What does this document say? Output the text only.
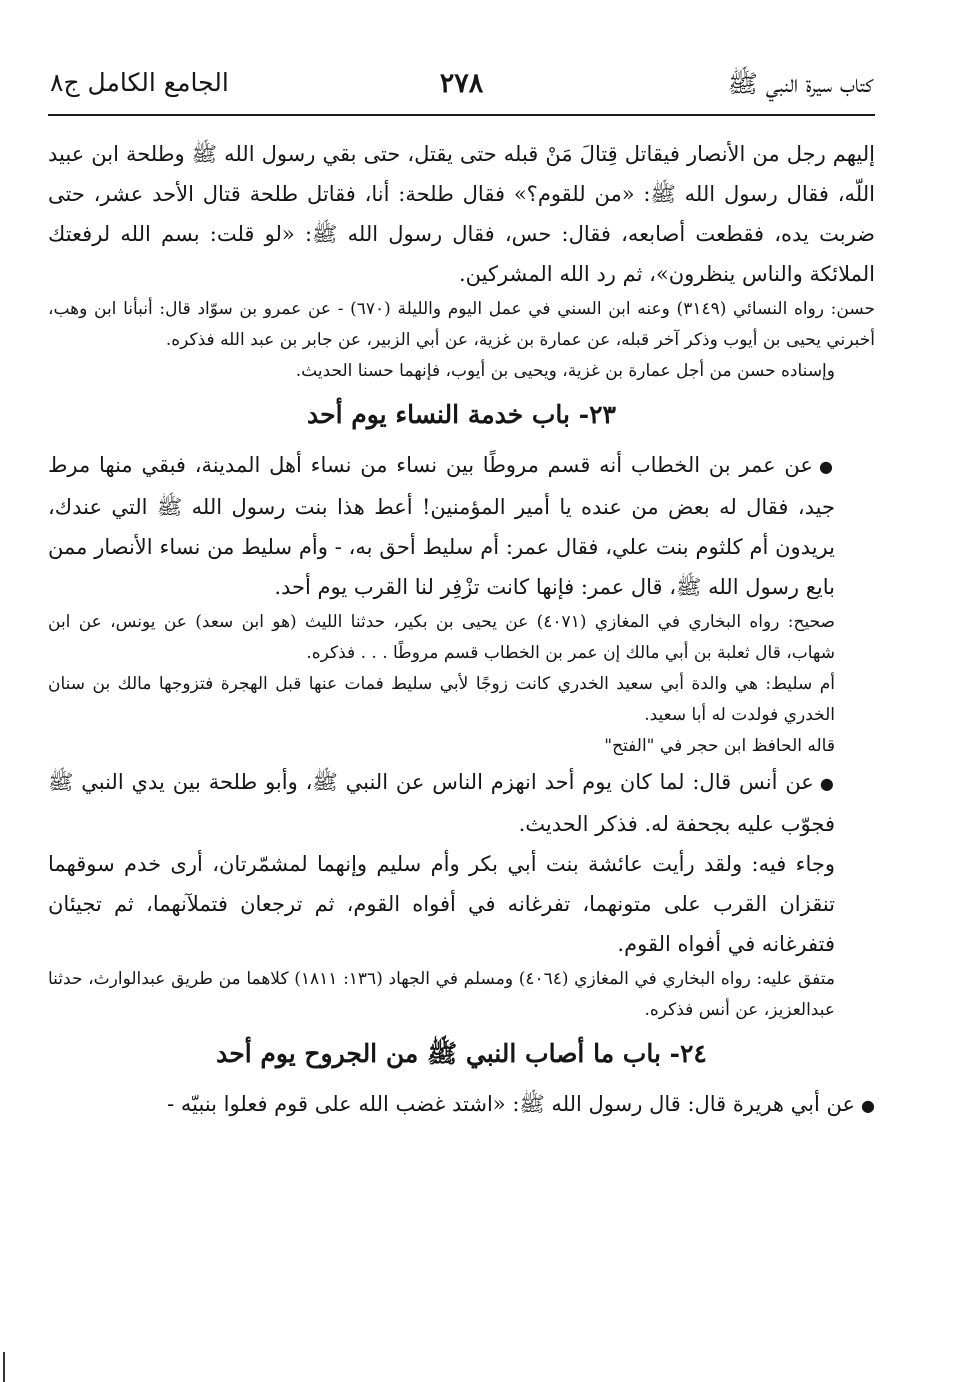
كتاب سيرة النبي ﷺ
٢٧٨
الجامع الكامل ج٨

إليهم رجل من الأنصار فيقاتل قِتالَ مَنْ قبله حتى يقتل، حتى بقي رسول الله ﷺ وطلحة ابن عبيد اللّه، فقال رسول الله ﷺ: «من للقوم؟» فقال طلحة: أنا، فقاتل طلحة قتال الأحد عشر، حتى ضربت يده، فقطعت أصابعه، فقال: حس، فقال رسول الله ﷺ: «لو قلت: بسم الله لرفعتك الملائكة والناس ينظرون»، ثم رد الله المشركين.

حسن: رواه النسائي (٣١٤٩) وعنه ابن السني في عمل اليوم والليلة (٦٧٠) - عن عمرو بن سوّاد قال: أنبأنا ابن وهب، أخبرني يحيى بن أيوب وذكر آخر قبله، عن عمارة بن غزية، عن أبي الزبير، عن جابر بن عبد الله فذكره.

وإسناده حسن من أجل عمارة بن غزية، ويحيى بن أيوب، فإنهما حسنا الحديث.

٢٣- باب خدمة النساء يوم أحد

●عن عمر بن الخطاب أنه قسم مروطًا بين نساء من نساء أهل المدينة، فبقي منها مرط جيد، فقال له بعض من عنده يا أمير المؤمنين! أعط هذا بنت رسول الله ﷺ التي عندك، يريدون أم كلثوم بنت علي، فقال عمر: أم سليط أحق به، - وأم سليط من نساء الأنصار ممن بايع رسول الله ﷺ، قال عمر: فإنها كانت تزْفِر لنا القرب يوم أحد.

صحيح: رواه البخاري في المغازي (٤٠٧١) عن يحيى بن بكير، حدثنا الليث (هو ابن سعد) عن يونس، عن ابن شهاب، قال ثعلبة بن أبي مالك إن عمر بن الخطاب قسم مروطًا . . . فذكره.

أم سليط: هي والدة أبي سعيد الخدري كانت زوجًا لأبي سليط فمات عنها قبل الهجرة فتزوجها مالك بن سنان الخدري فولدت له أبا سعيد.

قاله الحافظ ابن حجر في "الفتح"

●عن أنس قال: لما كان يوم أحد انهزم الناس عن النبي ﷺ، وأبو طلحة بين يدي النبي ﷺ فجوّب عليه بجحفة له. فذكر الحديث.

وجاء فيه: ولقد رأيت عائشة بنت أبي بكر وأم سليم وإنهما لمشمّرتان، أرى خدم سوقهما تنقزان القرب على متونهما، تفرغانه في أفواه القوم، ثم ترجعان فتملآنهما، ثم تجيئان فتفرغانه في أفواه القوم.

متفق عليه: رواه البخاري في المغازي (٤٠٦٤) ومسلم في الجهاد (١٣٦: ١٨١١) كلاهما من طريق عبدالوارث، حدثنا عبدالعزيز، عن أنس فذكره.

٢٤- باب ما أصاب النبي ﷺ من الجروح يوم أحد

●عن أبي هريرة قال: قال رسول الله ﷺ: «اشتد غضب الله على قوم فعلوا بنبيّه -
